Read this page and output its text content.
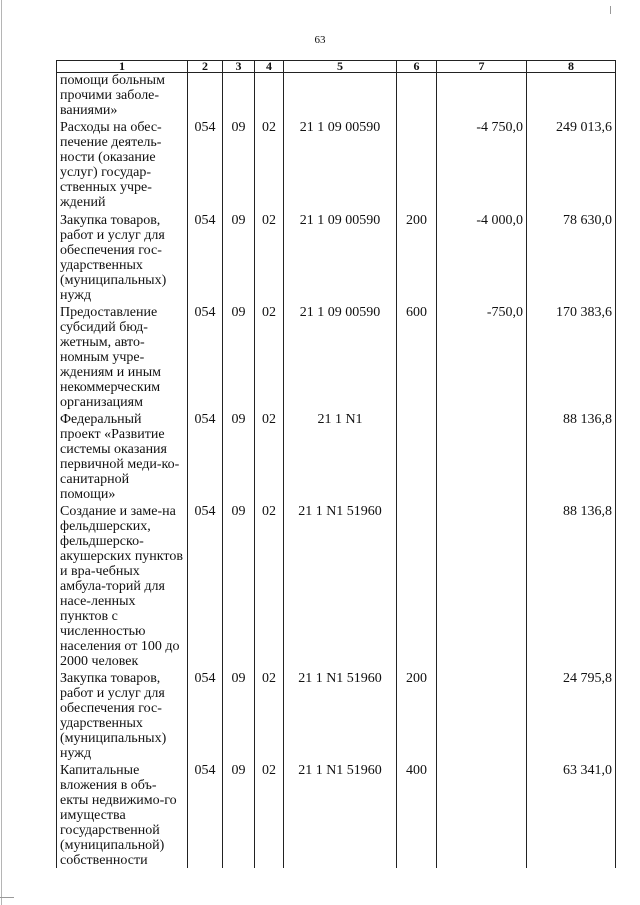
63
1	2	3	4	5	6	7	8
помощи больным прочими заболе-ваниями»							
Расходы на обес-печение деятель-ности (оказание услуг) государ-ственных учре-ждений	054	09	02	21 1 09 00590		-4 750,0	249 013,6
Закупка товаров, работ и услуг для обеспечения гос-ударственных (муниципальных) нужд	054	09	02	21 1 09 00590	200	-4 000,0	78 630,0
Предоставление субсидий бюд-жетным, авто-номным учре-ждениям и иным некоммерческим организациям	054	09	02	21 1 09 00590	600	-750,0	170 383,6
Федеральный проект «Развитие системы оказания первичной меди-ко-санитарной помощи»	054	09	02	21 1 N1			88 136,8
Создание и заме-на фельдшерских, фельдшерско-акушерских пунктов и вра-чебных амбула-торий для насе-ленных пунктов с численностью населения от 100 до 2000 человек	054	09	02	21 1 N1 51960			88 136,8
Закупка товаров, работ и услуг для обеспечения гос-ударственных (муниципальных) нужд	054	09	02	21 1 N1 51960	200		24 795,8
Капитальные вложения в объ-екты недвижимо-го имущества государственной (муниципальной) собственности	054	09	02	21 1 N1 51960	400		63 341,0
